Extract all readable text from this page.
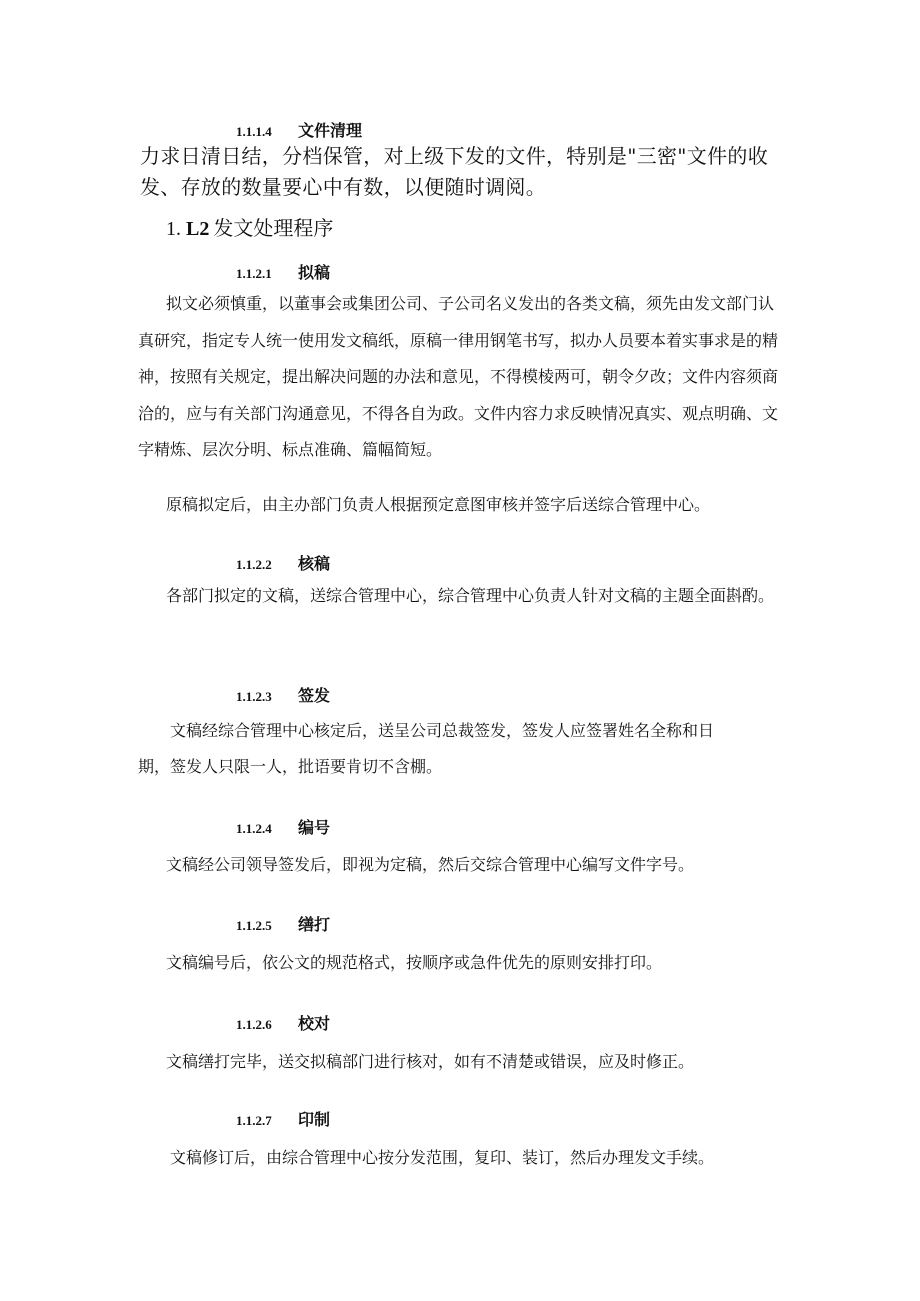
1.1.1.4	文件清理

力求日清日结，分档保管，对上级下发的文件，特别是"三密"文件的收发、存放的数量要心中有数，以便随时调阅。

1. L2 发文处理程序
1.1.2.1	拟稿

拟文必须慎重，以董事会或集团公司、子公司名义发出的各类文稿，须先由发文部门认真研究，指定专人统一使用发文稿纸，原稿一律用钢笔书写，拟办人员要本着实事求是的精神，按照有关规定，提出解决问题的办法和意见，不得模棱两可，朝令夕改；文件内容须商洽的，应与有关部门沟通意见，不得各自为政。文件内容力求反映情况真实、观点明确、文字精炼、层次分明、标点准确、篇幅简短。

原稿拟定后，由主办部门负责人根据预定意图审核并签字后送综合管理中心。

1.1.2.2	核稿

各部门拟定的文稿，送综合管理中心，综合管理中心负责人针对文稿的主题全面斟酌。

1.1.2.3	签发

文稿经综合管理中心核定后，送呈公司总裁签发，签发人应签署姓名全称和日

期，签发人只限一人，批语要肯切不含棚。

1.1.2.4	编号

文稿经公司领导签发后，即视为定稿，然后交综合管理中心编写文件字号。

1.1.2.5	缮打

文稿编号后，依公文的规范格式，按顺序或急件优先的原则安排打印。

1.1.2.6	校对

文稿缮打完毕，送交拟稿部门进行核对，如有不清楚或错误，应及时修正。

1.1.2.7	印制

文稿修订后，由综合管理中心按分发范围，复印、装订，然后办理发文手续。
